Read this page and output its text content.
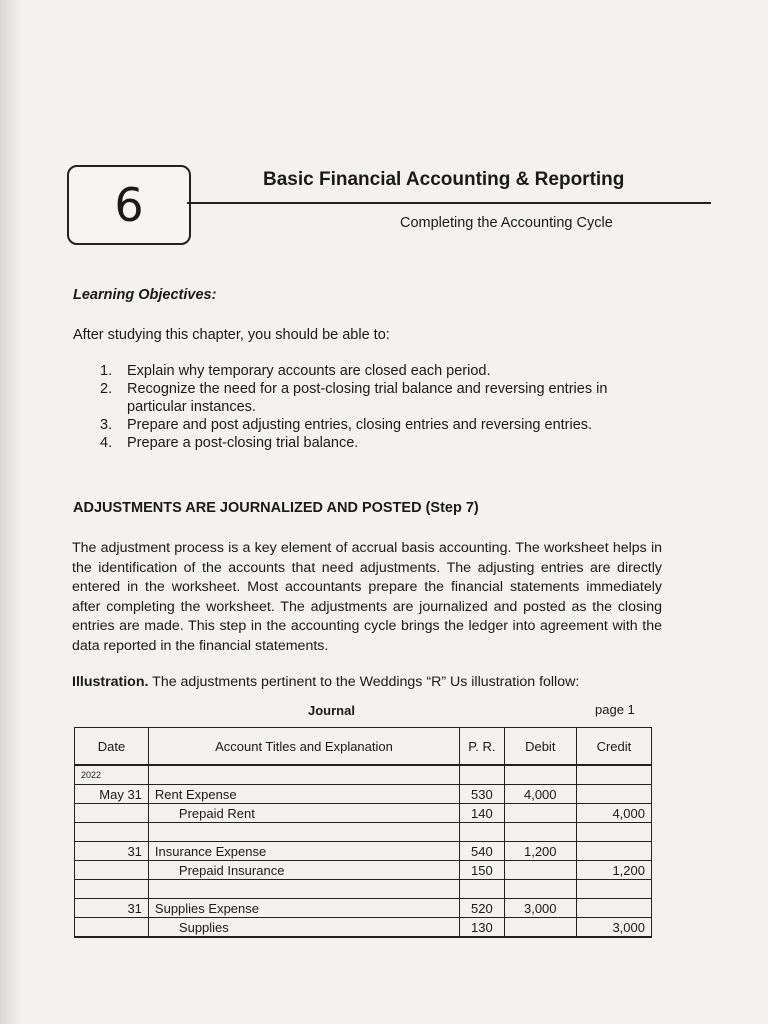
6	Basic Financial Accounting & Reporting
Completing the Accounting Cycle
Learning Objectives:
After studying this chapter, you should be able to:
1.	Explain why temporary accounts are closed each period.
2.	Recognize the need for a post-closing trial balance and reversing entries in particular instances.
3.	Prepare and post adjusting entries, closing entries and reversing entries.
4.	Prepare a post-closing trial balance.
ADJUSTMENTS ARE JOURNALIZED AND POSTED (Step 7)

The adjustment process is a key element of accrual basis accounting. The worksheet helps in the identification of the accounts that need adjustments. The adjusting entries are directly entered in the worksheet. Most accountants prepare the financial statements immediately after completing the worksheet. The adjustments are journalized and posted as the closing entries are made. This step in the accounting cycle brings the ledger into agreement with the data reported in the financial statements.

Illustration. The adjustments pertinent to the Weddings “R” Us illustration follow:
Journal	page 1
Date	Account Titles and Explanation	P. R.	Debit	Credit
2022				
May 31	Rent Expense	530	4,000	
	Prepaid Rent	140		4,000

31	Insurance Expense	540	1,200	
	Prepaid Insurance	150		1,200

31	Supplies Expense	520	3,000	
	Supplies	130		3,000
